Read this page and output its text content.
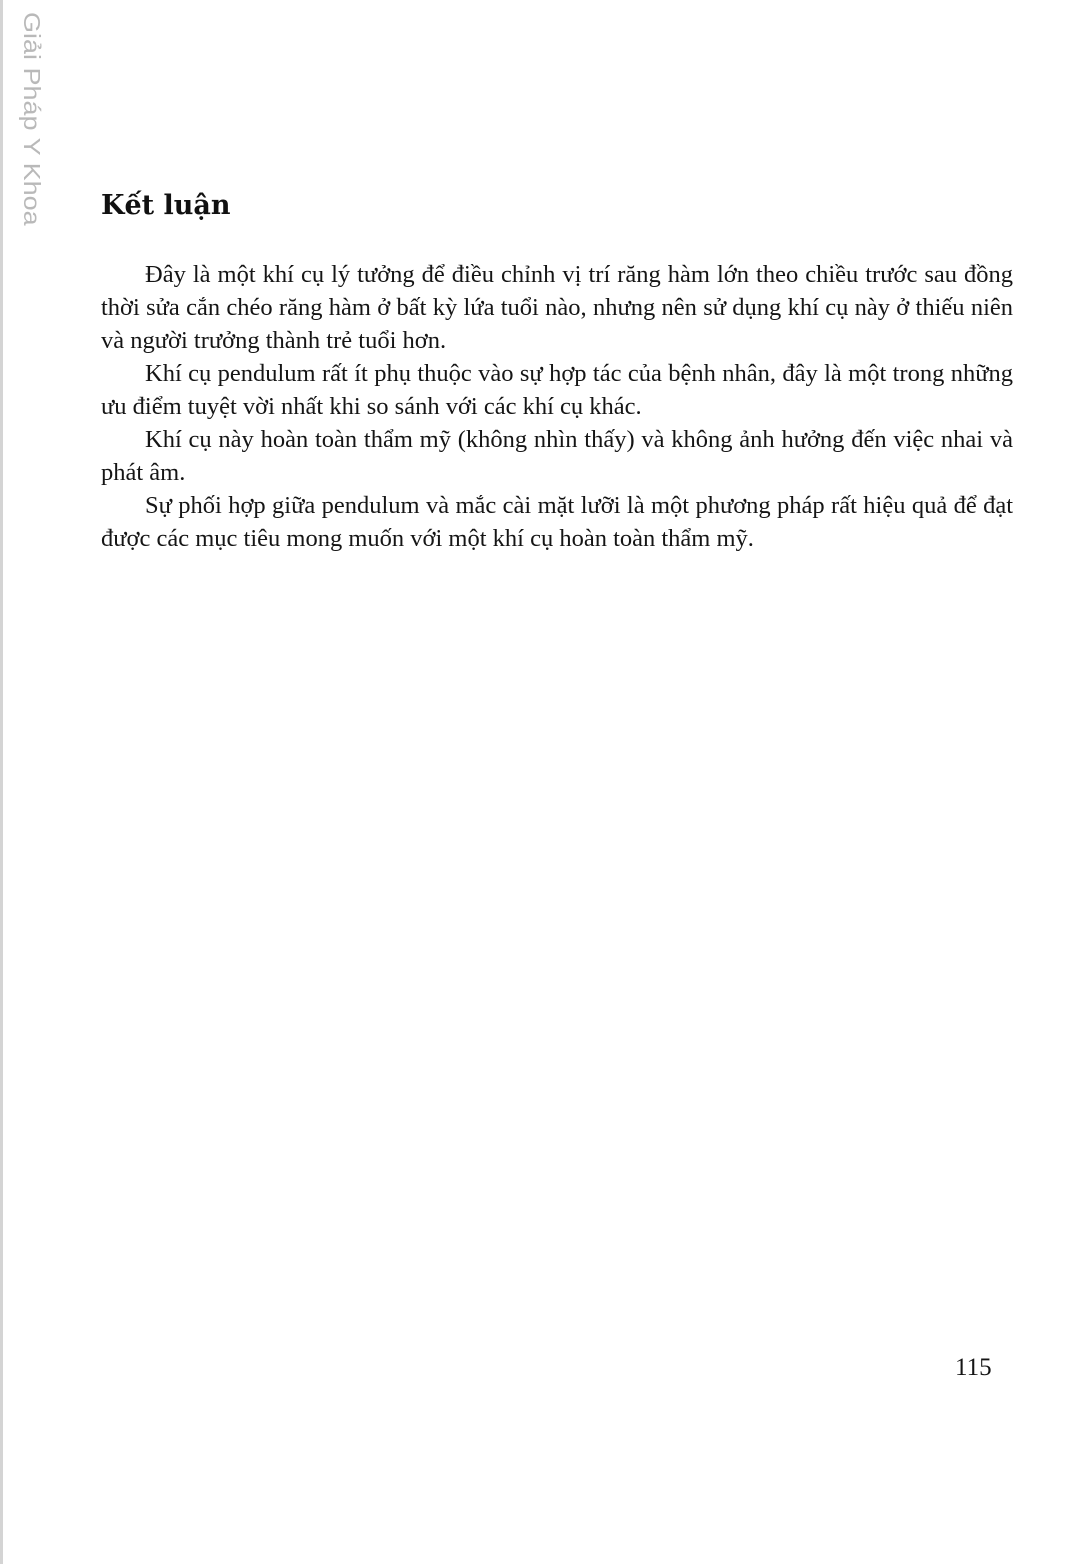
Giải Pháp Y Khoa Kết luận

Đây là một khí cụ lý tưởng để điều chỉnh vị trí răng hàm lớn theo chiều trước sau đồng thời sửa cắn chéo răng hàm ở bất kỳ lứa tuổi nào, nhưng nên sử dụng khí cụ này ở thiếu niên và người trưởng thành trẻ tuổi hơn.

Khí cụ pendulum rất ít phụ thuộc vào sự hợp tác của bệnh nhân, đây là một trong những ưu điểm tuyệt vời nhất khi so sánh với các khí cụ khác.

Khí cụ này hoàn toàn thẩm mỹ (không nhìn thấy) và không ảnh hưởng đến việc nhai và phát âm.

Sự phối hợp giữa pendulum và mắc cài mặt lưỡi là một phương pháp rất hiệu quả để đạt được các mục tiêu mong muốn với một khí cụ hoàn toàn thẩm mỹ.

115
